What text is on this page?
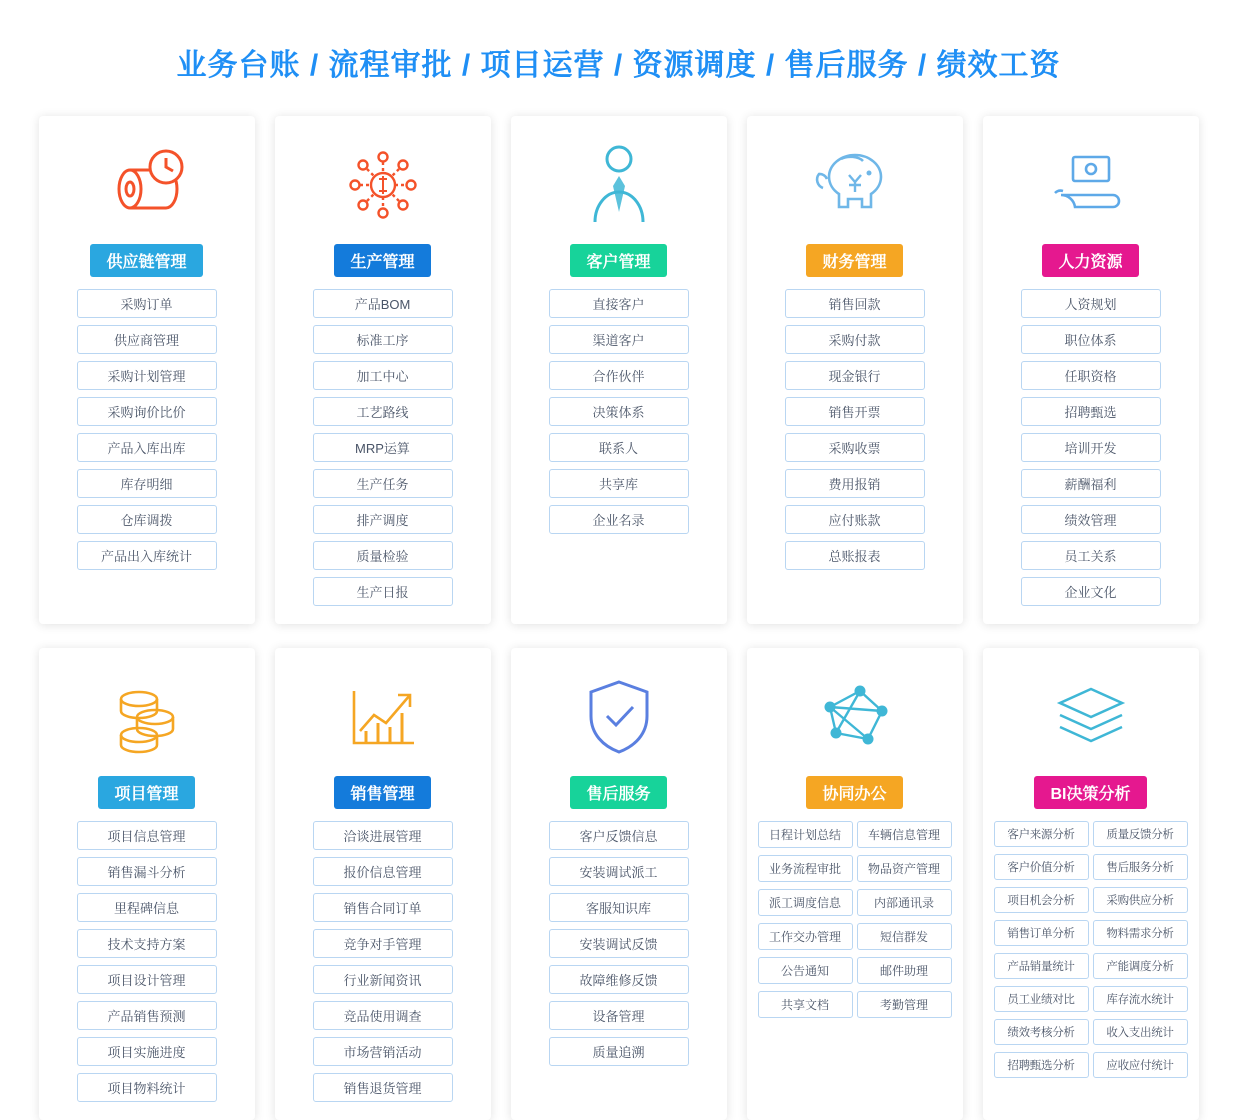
业务台账 / 流程审批 / 项目运营 / 资源调度 / 售后服务 / 绩效工资
供应链管理
采购订单
供应商管理
采购计划管理
采购询价比价
产品入库出库
库存明细
仓库调拨
产品出入库统计
生产管理
产品BOM
标准工序
加工中心
工艺路线
MRP运算
生产任务
排产调度
质量检验
生产日报
客户管理
直接客户
渠道客户
合作伙伴
决策体系
联系人
共享库
企业名录
财务管理
销售回款
采购付款
现金银行
销售开票
采购收票
费用报销
应付账款
总账报表
人力资源
人资规划
职位体系
任职资格
招聘甄选
培训开发
薪酬福利
绩效管理
员工关系
企业文化
项目管理
项目信息管理
销售漏斗分析
里程碑信息
技术支持方案
项目设计管理
产品销售预测
项目实施进度
项目物料统计
销售管理
洽谈进展管理
报价信息管理
销售合同订单
竞争对手管理
行业新闻资讯
竞品使用调查
市场营销活动
销售退货管理
售后服务
客户反馈信息
安装调试派工
客服知识库
安装调试反馈
故障维修反馈
设备管理
质量追溯
协同办公
日程计划总结	车辆信息管理
业务流程审批	物品资产管理
派工调度信息	内部通讯录
工作交办管理	短信群发
公告通知	邮件助理
共享文档	考勤管理
BI决策分析
客户来源分析	质量反馈分析
客户价值分析	售后服务分析
项目机会分析	采购供应分析
销售订单分析	物料需求分析
产品销量统计	产能调度分析
员工业绩对比	库存流水统计
绩效考核分析	收入支出统计
招聘甄选分析	应收应付统计
